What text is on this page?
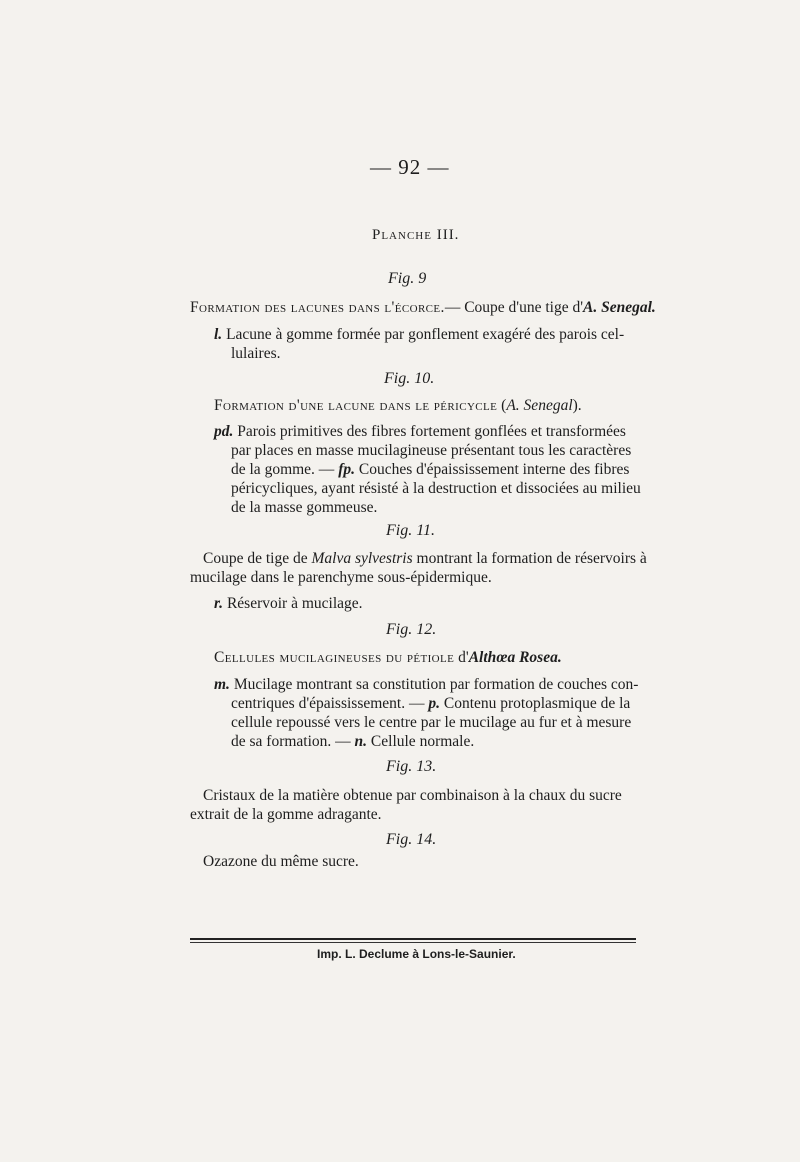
— 92 —
Planche III.
Fig. 9
Formation des lacunes dans l'écorce.— Coupe d'une tige d'A. Senegal.
l. Lacune à gomme formée par gonflement exagéré des parois cel-
lulaires.
Fig. 10.
Formation d'une lacune dans le péricycle (A. Senegal).
pd. Parois primitives des fibres fortement gonflées et transformées
par places en masse mucilagineuse présentant tous les caractères
de la gomme. — fp. Couches d'épaississement interne des fibres
péricycliques, ayant résisté à la destruction et dissociées au milieu
de la masse gommeuse.
Fig. 11.
Coupe de tige de Malva sylvestris montrant la formation de réservoirs à
mucilage dans le parenchyme sous-épidermique.
r. Réservoir à mucilage.
Fig. 12.
Cellules mucilagineuses du pétiole d'Althœa Rosea.
m. Mucilage montrant sa constitution par formation de couches con-
centriques d'épaississement. — p. Contenu protoplasmique de la
cellule repoussé vers le centre par le mucilage au fur et à mesure
de sa formation. — n. Cellule normale.
Fig. 13.
Cristaux de la matière obtenue par combinaison à la chaux du sucre
extrait de la gomme adragante.
Fig. 14.
Ozazone du même sucre.
Imp. L. Declume à Lons-le-Saunier.
